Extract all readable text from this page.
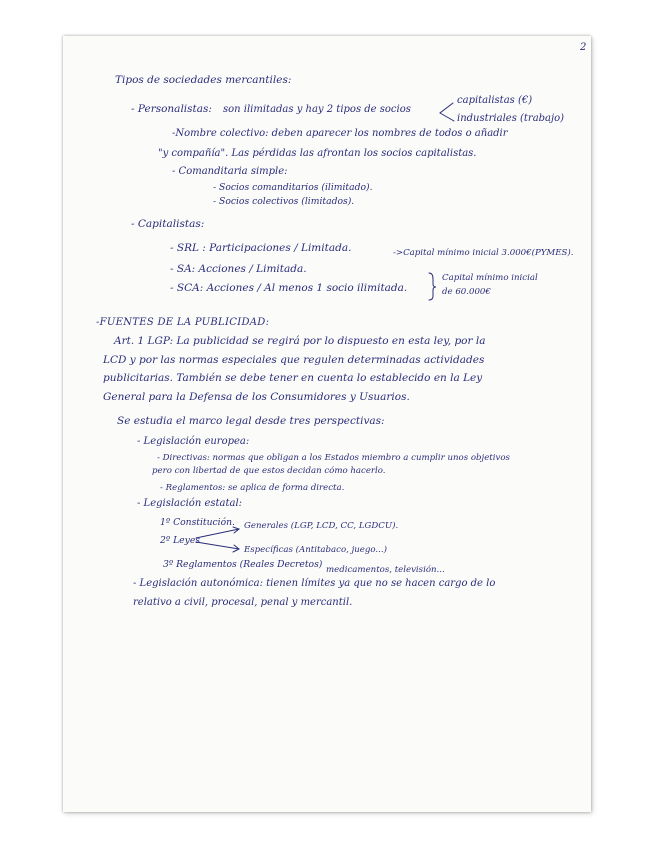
2
Tipos de sociedades mercantiles:
- Personalistas: son ilimitadas y hay 2 tipos de socios
capitalistas (€)
industriales (trabajo)
-Nombre colectivo: deben aparecer los nombres de todos o añadir
"y compañía". Las pérdidas las afrontan los socios capitalistas.
- Comanditaria simple:
- Socios comanditarios (ilimitado).
- Socios colectivos (limitados).
- Capitalistas:
- SRL : Participaciones / Limitada.	->Capital mínimo inicial 3.000€(PYMES).
- SA: Acciones / Limitada.
- SCA: Acciones / Al menos 1 socio ilimitada.
Capital mínimo inicial
de 60.000€
-FUENTES DE LA PUBLICIDAD:
Art. 1 LGP: La publicidad se regirá por lo dispuesto en esta ley, por la
LCD y por las normas especiales que regulen determinadas actividades
publicitarias. También se debe tener en cuenta lo establecido en la Ley
General para la Defensa de los Consumidores y Usuarios.
Se estudia el marco legal desde tres perspectivas:
- Legislación europea:
- Directivas: normas que obligan a los Estados miembro a cumplir unos objetivos
pero con libertad de que estos decidan cómo hacerlo.
- Reglamentos: se aplica de forma directa.
- Legislación estatal:
1º Constitución.
2º Leyes
Generales (LGP, LCD, CC, LGDCU).
Específicas (Antitabaco, juego...)
3º Reglamentos (Reales Decretos) medicamentos, televisión...
- Legislación autonómica: tienen límites ya que no se hacen cargo de lo
relativo a civil, procesal, penal y mercantil.
